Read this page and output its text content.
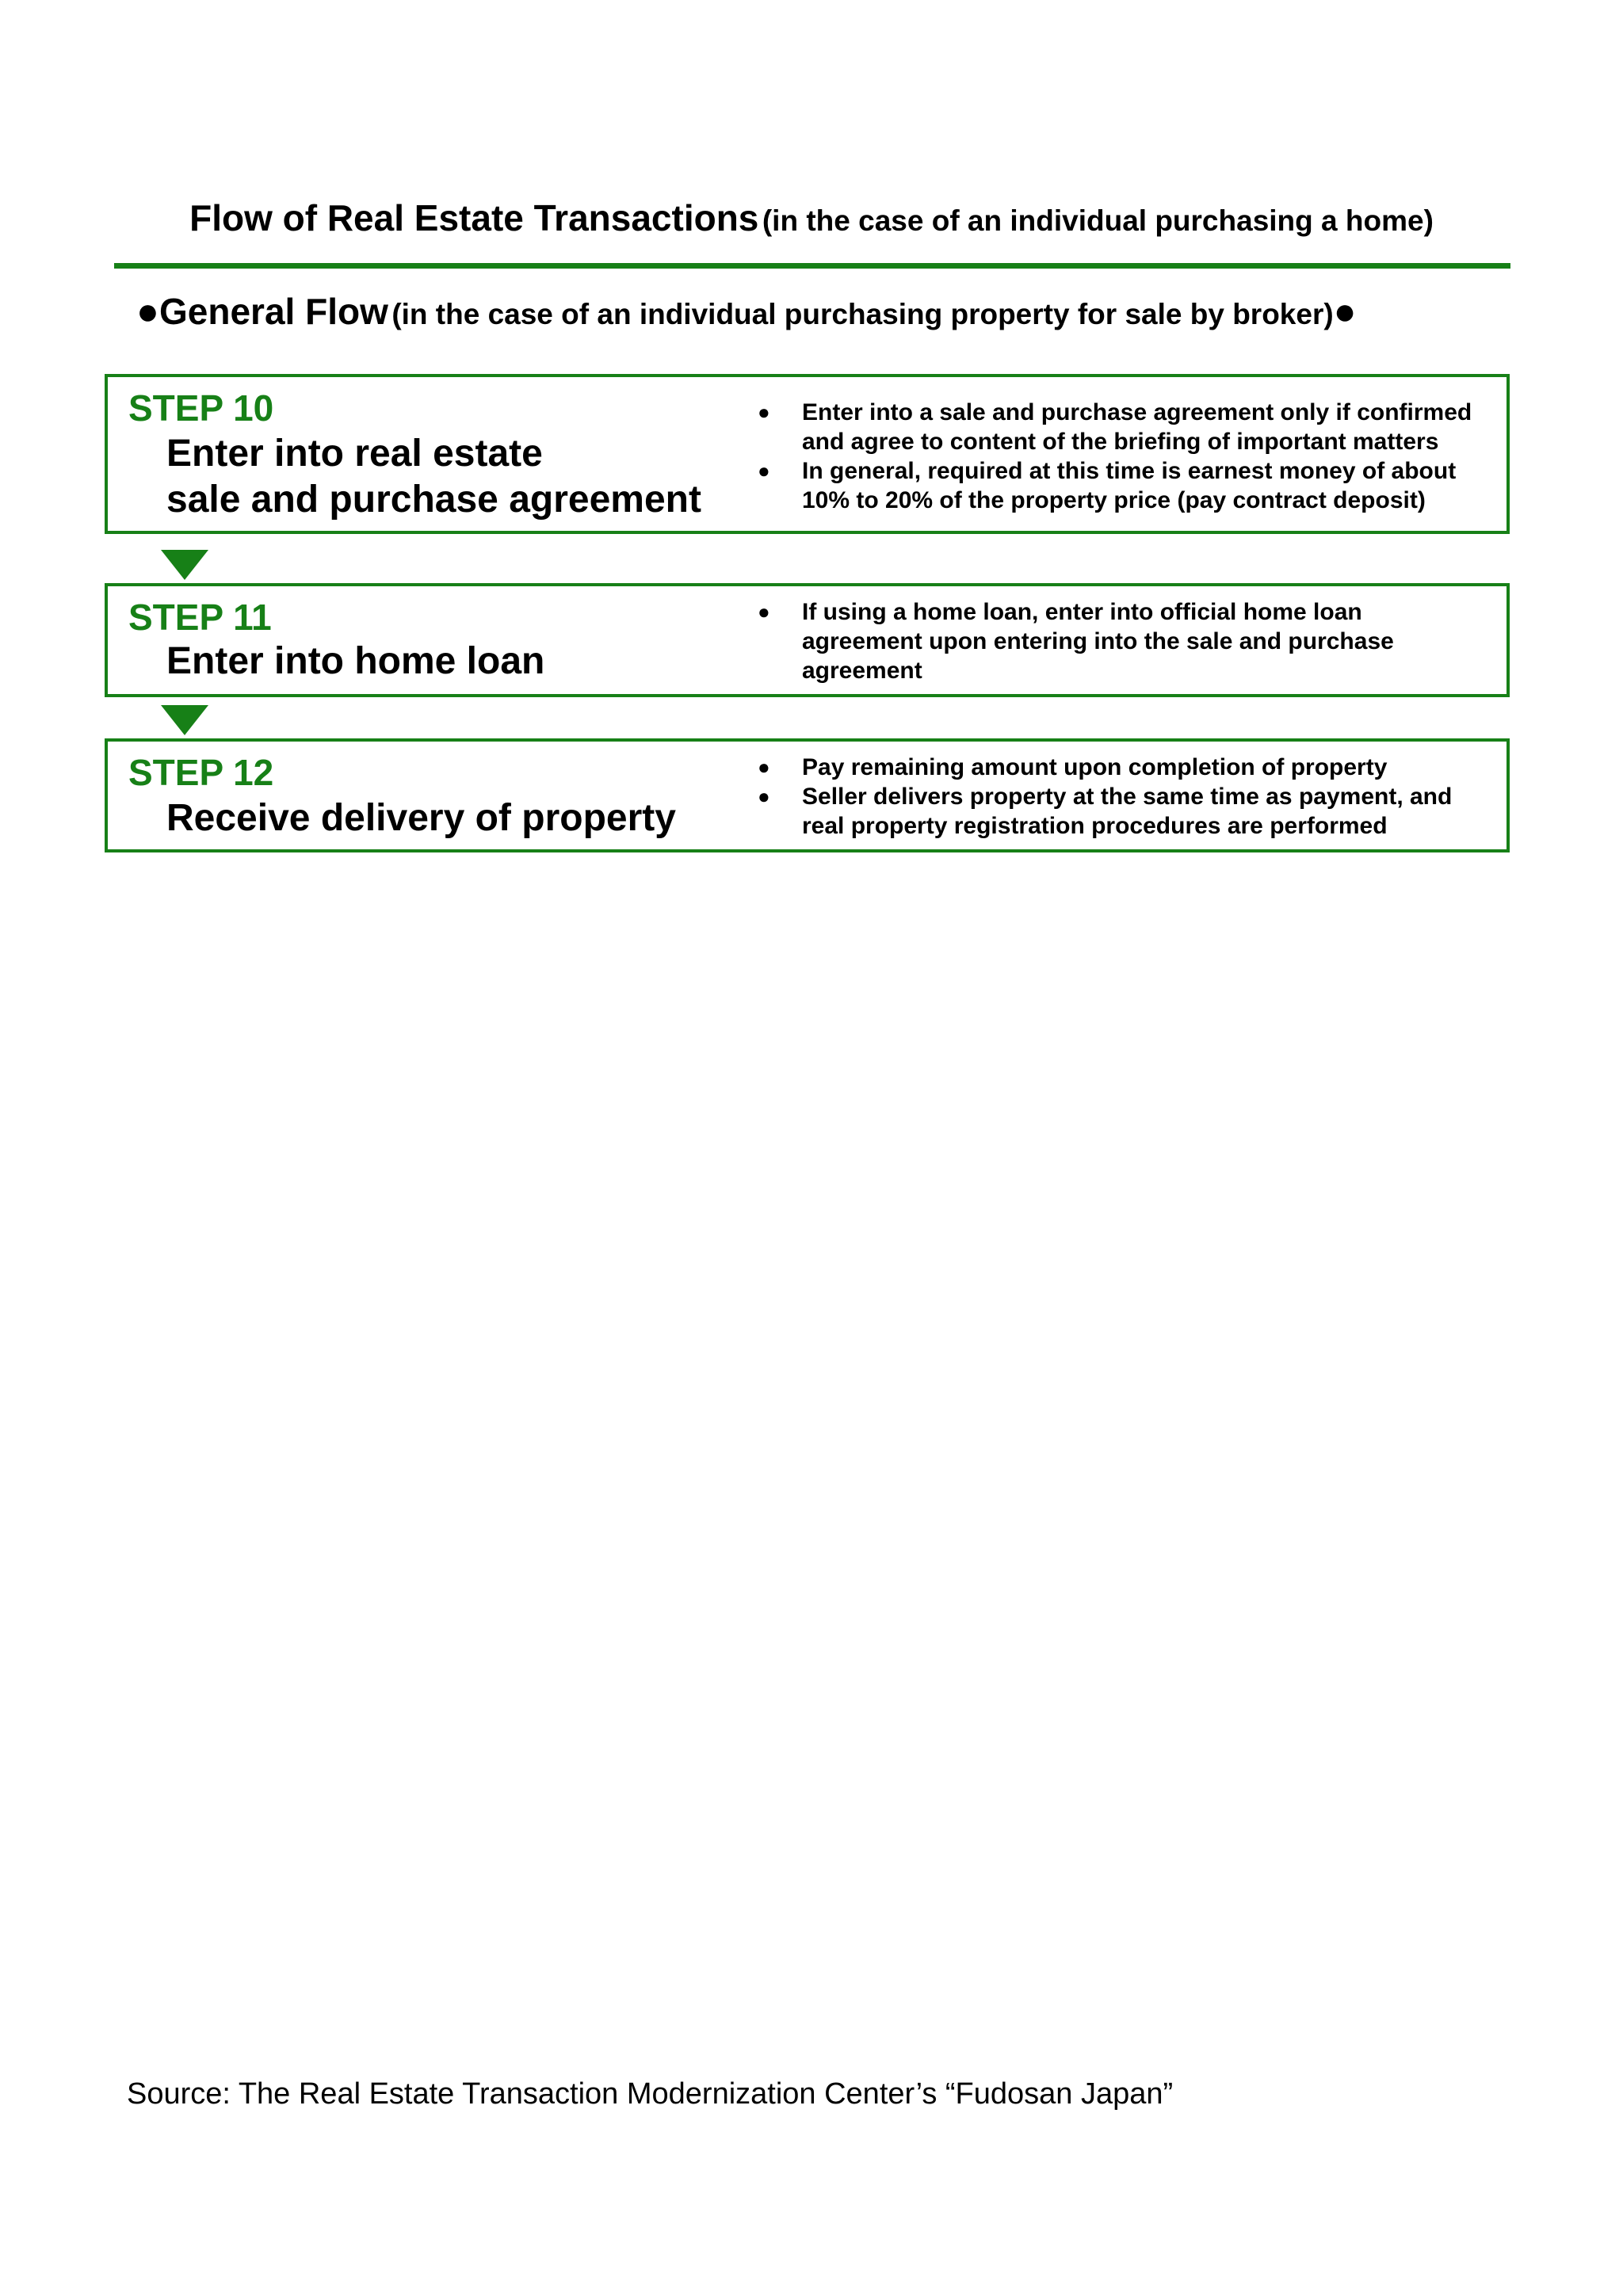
Flow of Real Estate Transactions (in the case of an individual purchasing a home)
●General Flow (in the case of an individual purchasing property for sale by broker)●
STEP 10
Enter into real estate
sale and purchase agreement
● Enter into a sale and purchase agreement only if confirmed
and agree to content of the briefing of important matters
● In general, required at this time is earnest money of about
10% to 20% of the property price (pay contract deposit)
STEP 11
Enter into home loan
● If using a home loan, enter into official home loan
agreement upon entering into the sale and purchase
agreement
STEP 12
Receive delivery of property
● Pay remaining amount upon completion of property
● Seller delivers property at the same time as payment, and
real property registration procedures are performed
Source: The Real Estate Transaction Modernization Center’s “Fudosan Japan”
